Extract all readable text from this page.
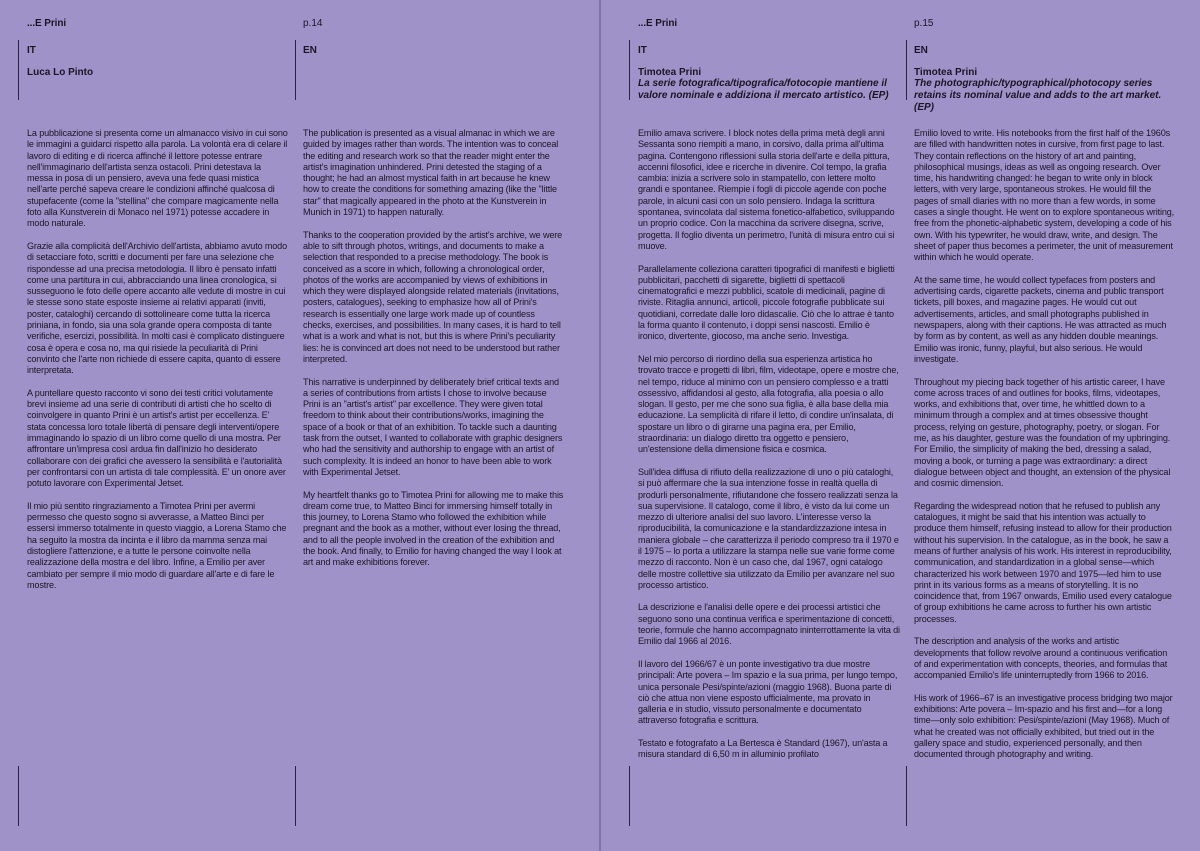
...E Prini	p.14
IT	EN
Luca Lo Pinto

La pubblicazione si presenta come un almanacco visivo in cui sono le immagini a guidarci rispetto alla parola. La volontà era di celare il lavoro di editing e di ricerca affinché il lettore potesse entrare nell'immaginario dell'artista senza ostacoli. Prini detestava la messa in posa di un pensiero, aveva una fede quasi mistica nell'arte perché sapeva creare le condizioni affinché qualcosa di stupefacente (come la "stellina" che compare magicamente nella foto alla Kunstverein di Monaco nel 1971) potesse accadere in modo naturale.

Grazie alla complicità dell'Archivio dell'artista, abbiamo avuto modo di setacciare foto, scritti e documenti per fare una selezione che rispondesse ad una precisa metodologia. Il libro è pensato infatti come una partitura in cui, abbracciando una linea cronologica, si susseguono le foto delle opere accanto alle vedute di mostre in cui le stesse sono state esposte insieme ai relativi apparati (inviti, poster, cataloghi) cercando di sottolineare come tutta la ricerca priniana, in fondo, sia una sola grande opera composta di tante verifiche, esercizi, possibilità. In molti casi è complicato distinguere cosa è opera e cosa no, ma qui risiede la peculiarità di Prini convinto che l'arte non richiede di essere capita, quanto di essere interpretata.

A puntellare questo racconto vi sono dei testi critici volutamente brevi insieme ad una serie di contributi di artisti che ho scelto di coinvolgere in quanto Prini è un artist's artist per eccellenza. E' stata concessa loro totale libertà di pensare degli interventi/opere immaginando lo spazio di un libro come quello di una mostra. Per affrontare un'impresa così ardua fin dall'inizio ho desiderato collaborare con dei grafici che avessero la sensibilità e l'autorialità per confrontarsi con un artista di tale complessità. E' un onore aver potuto lavorare con Experimental Jetset.

Il mio più sentito ringraziamento a Timotea Prini per avermi permesso che questo sogno si avverasse, a Matteo Binci per essersi immerso totalmente in questo viaggio, a Lorena Stamo che ha seguito la mostra da incinta e il libro da mamma senza mai distogliere l'attenzione, e a tutte le persone coinvolte nella realizzazione della mostra e del libro. Infine, a Emilio per aver cambiato per sempre il mio modo di guardare all'arte e di fare le mostre.

The publication is presented as a visual almanac in which we are guided by images rather than words. The intention was to conceal the editing and research work so that the reader might enter the artist's imagination unhindered. Prini detested the staging of a thought; he had an almost mystical faith in art because he knew how to create the conditions for something amazing (like the "little star" that magically appeared in the photo at the Kunstverein in Munich in 1971) to happen naturally.

Thanks to the cooperation provided by the artist's archive, we were able to sift through photos, writings, and documents to make a selection that responded to a precise methodology. The book is conceived as a score in which, following a chronological order, photos of the works are accompanied by views of exhibitions in which they were displayed alongside related materials (invitations, posters, catalogues), seeking to emphasize how all of Prini's research is essentially one large work made up of countless checks, exercises, and possibilities. In many cases, it is hard to tell what is a work and what is not, but this is where Prini's peculiarity lies: he is convinced art does not need to be understood but rather interpreted.

This narrative is underpinned by deliberately brief critical texts and a series of contributions from artists I chose to involve because Prini is an "artist's artist" par excellence. They were given total freedom to think about their contributions/works, imagining the space of a book or that of an exhibition. To tackle such a daunting task from the outset, I wanted to collaborate with graphic designers who had the sensitivity and authorship to engage with an artist of such complexity. It is indeed an honor to have been able to work with Experimental Jetset.

My heartfelt thanks go to Timotea Prini for allowing me to make this dream come true, to Matteo Binci for immersing himself totally in this journey, to Lorena Stamo who followed the exhibition while pregnant and the book as a mother, without ever losing the thread, and to all the people involved in the creation of the exhibition and the book. And finally, to Emilio for having changed the way I look at art and make exhibitions forever.

...E Prini	p.15
IT	EN
Timotea Prini
La serie fotografica/tipografica/fotocopie mantiene il valore nominale e addiziona il mercato artistico. (EP)
Timotea Prini
The photographic/typographical/photocopy series retains its nominal value and adds to the art market. (EP)

Emilio amava scrivere. I block notes della prima metà degli anni Sessanta sono riempiti a mano, in corsivo, dalla prima all'ultima pagina. Contengono riflessioni sulla storia dell'arte e della pittura, accenni filosofici, idee e ricerche in divenire. Col tempo, la grafia cambia: inizia a scrivere solo in stampatello, con lettere molto grandi e spontanee. Riempie i fogli di piccole agende con poche parole, in alcuni casi con un solo pensiero. Indaga la scrittura spontanea, svincolata dal sistema fonetico-alfabetico, sviluppando un proprio codice. Con la macchina da scrivere disegna, scrive, progetta. Il foglio diventa un perimetro, l'unità di misura entro cui si muove.

Parallelamente colleziona caratteri tipografici di manifesti e biglietti pubblicitari, pacchetti di sigarette, biglietti di spettacoli cinematografici e mezzi pubblici, scatole di medicinali, pagine di riviste. Ritaglia annunci, articoli, piccole fotografie pubblicate sui quotidiani, corredate dalle loro didascalie. Ciò che lo attrae è tanto la forma quanto il contenuto, i doppi sensi nascosti. Emilio è ironico, divertente, giocoso, ma anche serio. Investiga.

Nel mio percorso di riordino della sua esperienza artistica ho trovato tracce e progetti di libri, film, videotape, opere e mostre che, nel tempo, riduce al minimo con un pensiero complesso e a tratti ossessivo, affidandosi al gesto, alla fotografia, alla poesia o allo slogan. Il gesto, per me che sono sua figlia, è alla base della mia educazione. La semplicità di rifare il letto, di condire un'insalata, di spostare un libro o di girarne una pagina era, per Emilio, straordinaria: un dialogo diretto tra oggetto e pensiero, un'estensione della dimensione fisica e cosmica.

Sull'idea diffusa di rifiuto della realizzazione di uno o più cataloghi, si può affermare che la sua intenzione fosse in realtà quella di produrli personalmente, rifiutandone che fossero realizzati senza la sua supervisione. Il catalogo, come il libro, è visto da lui come un mezzo di ulteriore analisi del suo lavoro. L'interesse verso la riproducibilità, la comunicazione e la standardizzazione intesa in maniera globale – che caratterizza il periodo compreso tra il 1970 e il 1975 – lo porta a utilizzare la stampa nelle sue varie forme come mezzo di racconto. Non è un caso che, dal 1967, ogni catalogo delle mostre collettive sia utilizzato da Emilio per avanzare nel suo processo artistico.

La descrizione e l'analisi delle opere e dei processi artistici che seguono sono una continua verifica e sperimentazione di concetti, teorie, formule che hanno accompagnato ininterrottamente la vita di Emilio dal 1966 al 2016.

Il lavoro del 1966/67 è un ponte investigativo tra due mostre principali: Arte povera – Im spazio e la sua prima, per lungo tempo, unica personale Pesi/spinte/azioni (maggio 1968). Buona parte di ciò che attua non viene esposto ufficialmente, ma provato in galleria e in studio, vissuto personalmente e documentato attraverso fotografia e scrittura.

Testato e fotografato a La Bertesca è Standard (1967), un'asta a misura standard di 6,50 m in alluminio profilato

Emilio loved to write. His notebooks from the first half of the 1960s are filled with handwritten notes in cursive, from first page to last. They contain reflections on the history of art and painting, philosophical musings, ideas as well as ongoing research. Over time, his handwriting changed: he began to write only in block letters, with very large, spontaneous strokes. He would fill the pages of small diaries with no more than a few words, in some cases a single thought. He went on to explore spontaneous writing, free from the phonetic-alphabetic system, developing a code of his own. With his typewriter, he would draw, write, and design. The sheet of paper thus becomes a perimeter, the unit of measurement within which he would operate.

At the same time, he would collect typefaces from posters and advertising cards, cigarette packets, cinema and public transport tickets, pill boxes, and magazine pages. He would cut out advertisements, articles, and small photographs published in newspapers, along with their captions. He was attracted as much by form as by content, as well as any hidden double meanings. Emilio was ironic, funny, playful, but also serious. He would investigate.

Throughout my piecing back together of his artistic career, I have come across traces of and outlines for books, films, videotapes, works, and exhibitions that, over time, he whittled down to a minimum through a complex and at times obsessive thought process, relying on gesture, photography, poetry, or slogan. For me, as his daughter, gesture was the foundation of my upbringing. For Emilio, the simplicity of making the bed, dressing a salad, moving a book, or turning a page was extraordinary: a direct dialogue between object and thought, an extension of the physical and cosmic dimension.

Regarding the widespread notion that he refused to publish any catalogues, it might be said that his intention was actually to produce them himself, refusing instead to allow for their production without his supervision. In the catalogue, as in the book, he saw a means of further analysis of his work. His interest in reproducibility, communication, and standardization in a global sense—which characterized his work between 1970 and 1975—led him to use print in its various forms as a means of storytelling. It is no coincidence that, from 1967 onwards, Emilio used every catalogue of group exhibitions he came across to further his own artistic processes.

The description and analysis of the works and artistic developments that follow revolve around a continuous verification of and experimentation with concepts, theories, and formulas that accompanied Emilio's life uninterruptedly from 1966 to 2016.

His work of 1966–67 is an investigative process bridging two major exhibitions: Arte povera – Im-spazio and his first and—for a long time—only solo exhibition: Pesi/spinte/azioni (May 1968). Much of what he created was not officially exhibited, but tried out in the gallery space and studio, experienced personally, and then documented through photography and writing.
